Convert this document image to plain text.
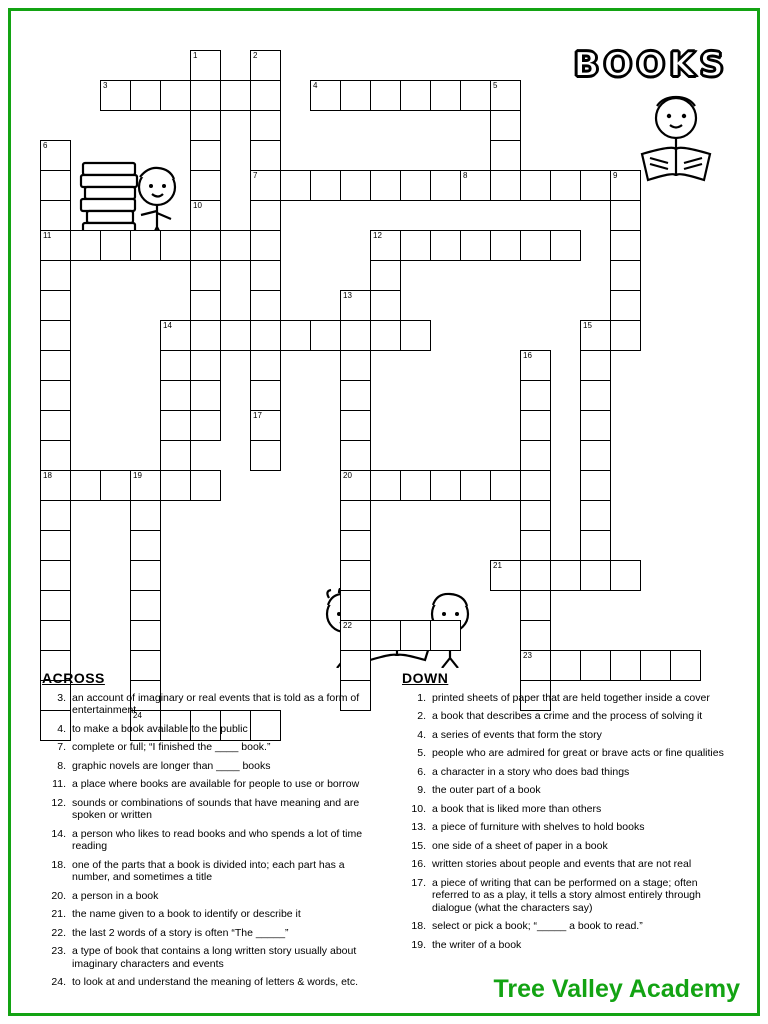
BOOKS
1	2
3	4	5
6
7	8	9
10
11	12
13
14	15
16
17
18	19	20
21
22
23
24
ACROSS
3. an account of imaginary or real events that is told as a form of entertainment
4. to make a book available to the public
7. complete or full; “I finished the ____ book.”
8. graphic novels are longer than ____ books
11. a place where books are available for people to use or borrow
12. sounds or combinations of sounds that have meaning and are spoken or written
14. a person who likes to read books and who spends a lot of time reading
18. one of the parts that a book is divided into; each part has a number, and sometimes a title
20. a person in a book
21. the name given to a book to identify or describe it
22. the last 2 words of a story is often “The _____”
23. a type of book that contains a long written story usually about imaginary characters and events
24. to look at and understand the meaning of letters & words, etc.
DOWN
1. printed sheets of paper that are held together inside a cover
2. a book that describes a crime and the process of solving it
4. a series of events that form the story
5. people who are admired for great or brave acts or fine qualities
6. a character in a story who does bad things
9. the outer part of a book
10. a book that is liked more than others
13. a piece of furniture with shelves to hold books
15. one side of a sheet of paper in a book
16. written stories about people and events that are not real
17. a piece of writing that can be performed on a stage; often referred to as a play, it tells a story almost entirely through dialogue (what the characters say)
18. select or pick a book; “_____ a book to read.”
19. the writer of a book
Tree Valley Academy
